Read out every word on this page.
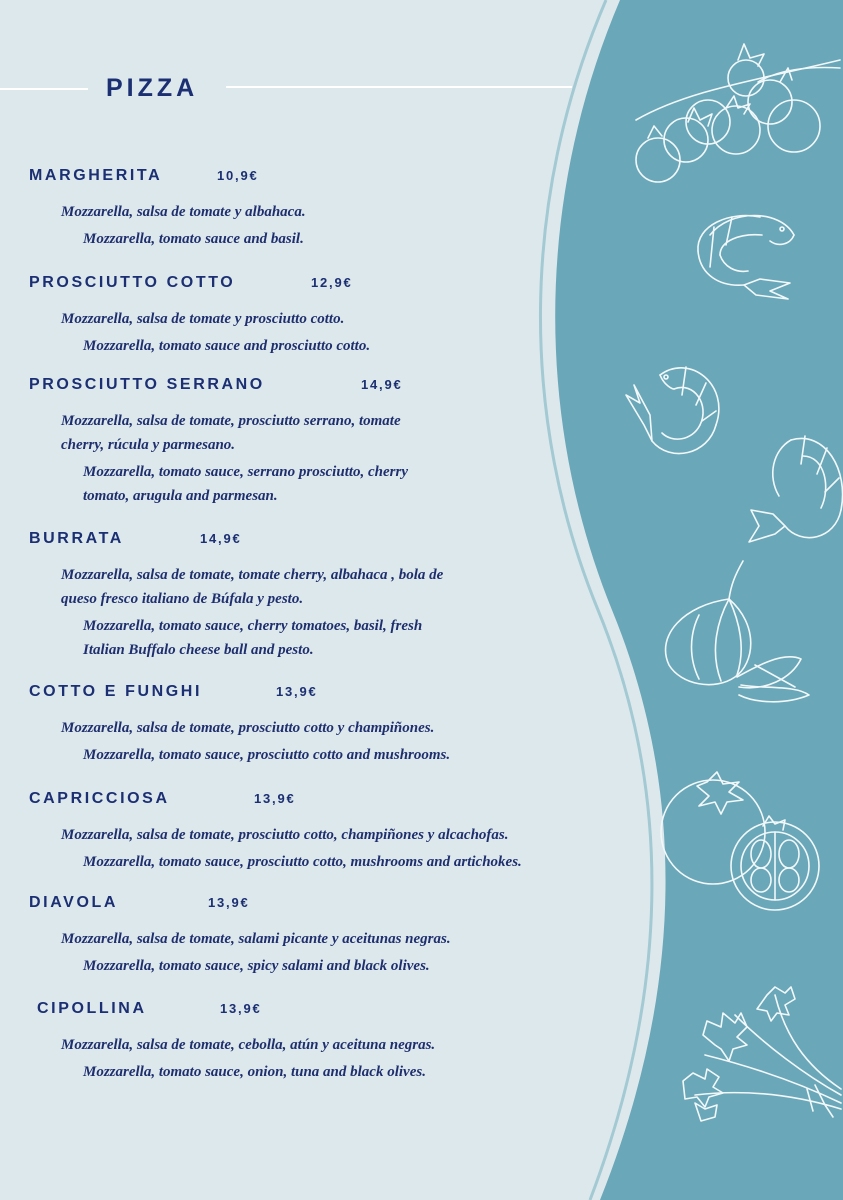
PIZZA
MARGHERITA	10,9€

Mozzarella, salsa de tomate y albahaca.

Mozzarella, tomato sauce and basil.

PROSCIUTTO COTTO	12,9€

Mozzarella, salsa de tomate y prosciutto cotto.

Mozzarella, tomato sauce and prosciutto cotto.

PROSCIUTTO SERRANO	14,9€

Mozzarella, salsa de tomate, prosciutto serrano, tomate

cherry, rúcula y parmesano.

Mozzarella, tomato sauce, serrano prosciutto, cherry

tomato, arugula and parmesan.

BURRATA	14,9€

Mozzarella, salsa de tomate, tomate cherry, albahaca , bola de

queso fresco italiano de Búfala y pesto.

Mozzarella, tomato sauce, cherry tomatoes, basil, fresh

Italian Buffalo cheese ball and pesto.

COTTO E FUNGHI	13,9€

Mozzarella, salsa de tomate, prosciutto cotto y champiñones.

Mozzarella, tomato sauce, prosciutto cotto and mushrooms.

CAPRICCIOSA	13,9€

Mozzarella, salsa de tomate, prosciutto cotto, champiñones y alcachofas.

Mozzarella, tomato sauce, prosciutto cotto, mushrooms and artichokes.

DIAVOLA	13,9€

Mozzarella, salsa de tomate, salami picante y aceitunas negras.

Mozzarella, tomato sauce, spicy salami and black olives.

CIPOLLINA	13,9€

Mozzarella, salsa de tomate, cebolla, atún y aceituna negras.

Mozzarella, tomato sauce, onion, tuna and black olives.
